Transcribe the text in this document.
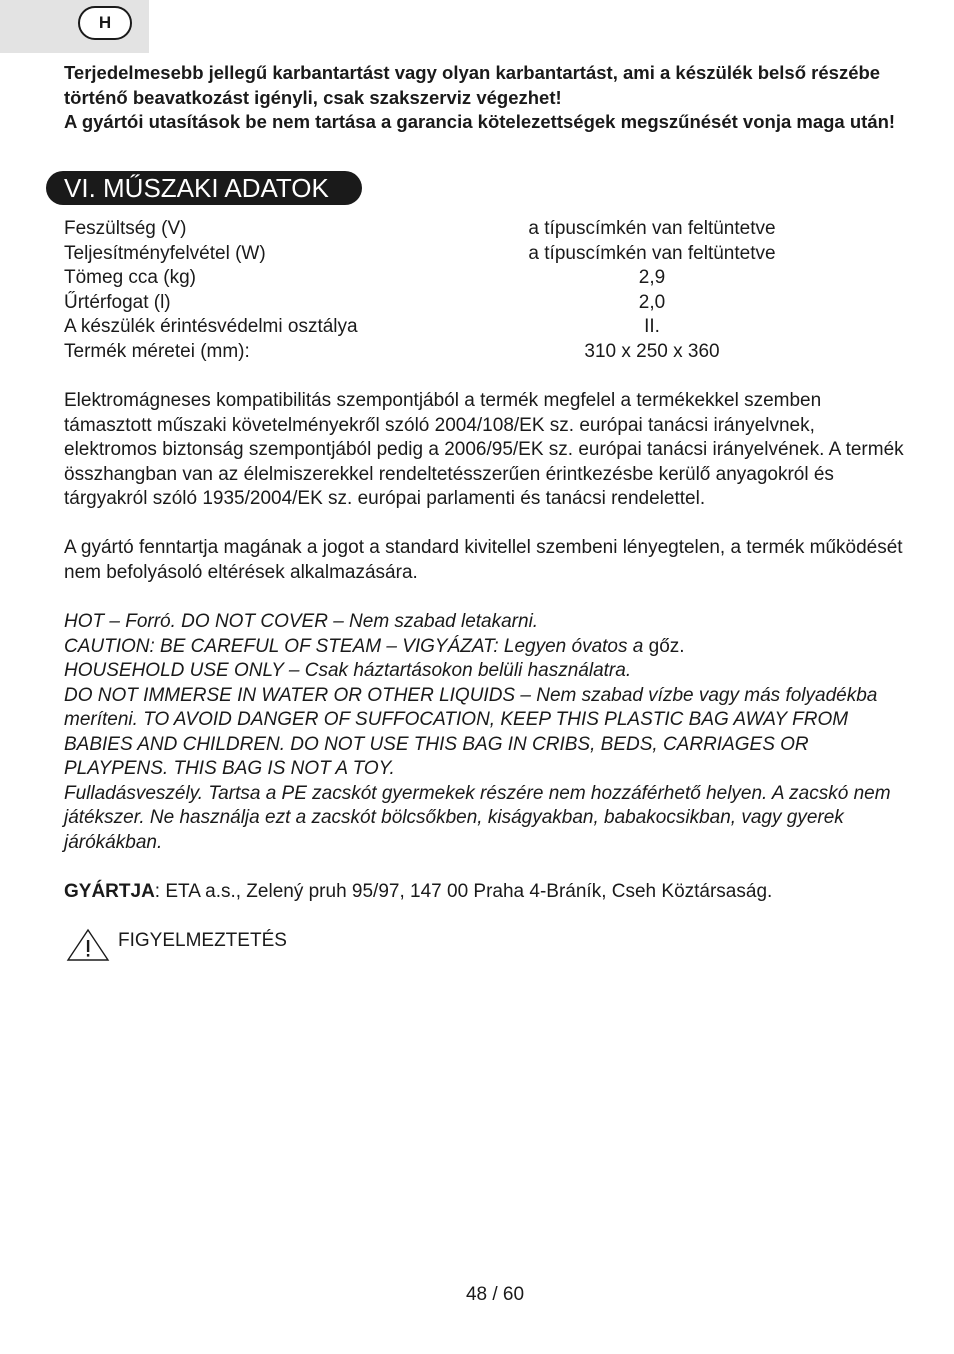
H

Terjedelmesebb jellegű karbantartást vagy olyan karbantartást, ami a készülék belső részébe történő beavatkozást igényli, csak szakszerviz végezhet!

A gyártói utasítások be nem tartása a garancia kötelezettségek megszűnését vonja maga után!

VI. MŰSZAKI ADATOK
Feszültség (V)	a típuscímkén van feltüntetve
Teljesítményfelvétel (W)	a típuscímkén van feltüntetve
Tömeg cca (kg)	2,9
Űrtérfogat (l)	2,0
A készülék érintésvédelmi osztálya	II.
Termék méretei (mm):	310 x 250 x 360

Elektromágneses kompatibilitás szempontjából a termék megfelel a termékekkel szemben támasztott műszaki követelményekről szóló 2004/108/EK sz. európai tanácsi irányelvnek, elektromos biztonság szempontjából pedig a 2006/95/EK sz. európai tanácsi irányelvének. A termék összhangban van az élelmiszerekkel rendeltetésszerűen érintkezésbe kerülő anyagokról és tárgyakról szóló 1935/2004/EK sz. európai parlamenti és tanácsi rendelettel.

A gyártó fenntartja magának a jogot a standard kivitellel szembeni lényegtelen, a termék működését nem befolyásoló eltérések alkalmazására.

HOT – Forró. DO NOT COVER – Nem szabad letakarni.

CAUTION: BE CAREFUL OF STEAM – VIGYÁZAT: Legyen óvatos a gőz.

HOUSEHOLD USE ONLY – Csak háztartásokon belüli használatra.

DO NOT IMMERSE IN WATER OR OTHER LIQUIDS – Nem szabad vízbe vagy más folyadékba meríteni. TO AVOID DANGER OF SUFFOCATION, KEEP THIS PLASTIC BAG AWAY FROM BABIES AND CHILDREN. DO NOT USE THIS BAG IN CRIBS, BEDS, CARRIAGES OR PLAYPENS. THIS BAG IS NOT A TOY.

Fulladásveszély. Tartsa a PE zacskót gyermekek részére nem hozzáférhető helyen. A zacskó nem játékszer. Ne használja ezt a zacskót bölcsőkben, kiságyakban, babakocsikban, vagy gyerek járókákban.

GYÁRTJA: ETA a.s., Zelený pruh 95/97, 147 00 Praha 4-Bráník, Cseh Köztársaság.

FIGYELMEZTETÉS
48 / 60
